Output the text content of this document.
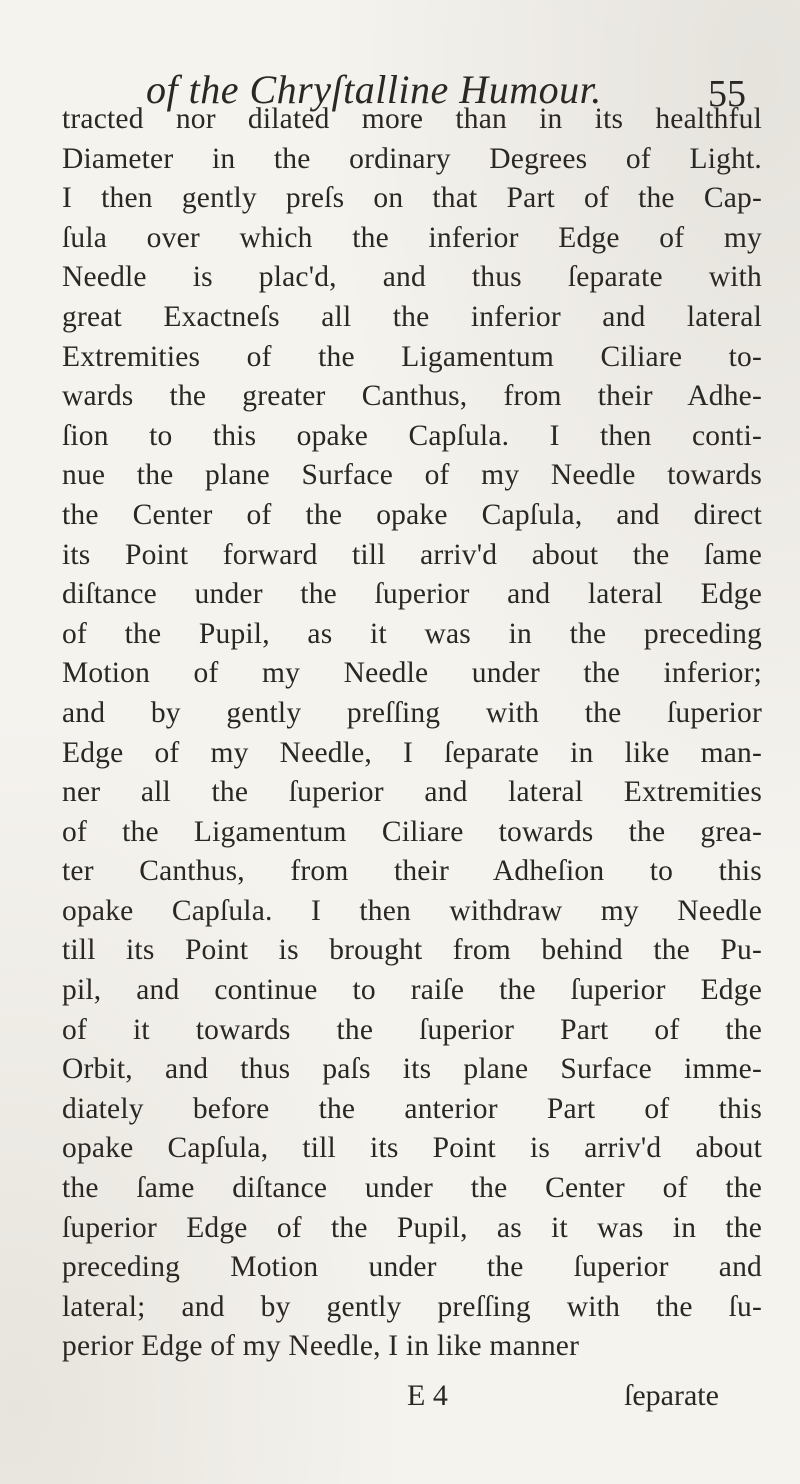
of the Chryſtalline Humour.	55
tracted nor dilated more than in its healthful
Diameter in the ordinary Degrees of Light.
I then gently preſs on that Part of the Cap-
ſula over which the inferior Edge of my
Needle is plac'd, and thus ſeparate with
great Exactneſs all the inferior and lateral
Extremities of the Ligamentum Ciliare to-
wards the greater Canthus, from their Adhe-
ſion to this opake Capſula. I then conti-
nue the plane Surface of my Needle towards
the Center of the opake Capſula, and direct
its Point forward till arriv'd about the ſame
diſtance under the ſuperior and lateral Edge
of the Pupil, as it was in the preceding
Motion of my Needle under the inferior;
and by gently preſſing with the ſuperior
Edge of my Needle, I ſeparate in like man-
ner all the ſuperior and lateral Extremities
of the Ligamentum Ciliare towards the grea-
ter Canthus, from their Adheſion to this
opake Capſula. I then withdraw my Needle
till its Point is brought from behind the Pu-
pil, and continue to raiſe the ſuperior Edge
of it towards the ſuperior Part of the
Orbit, and thus paſs its plane Surface imme-
diately before the anterior Part of this
opake Capſula, till its Point is arriv'd about
the ſame diſtance under the Center of the
ſuperior Edge of the Pupil, as it was in the
preceding Motion under the ſuperior and
lateral; and by gently preſſing with the ſu-
perior Edge of my Needle, I in like manner
E 4	ſeparate
